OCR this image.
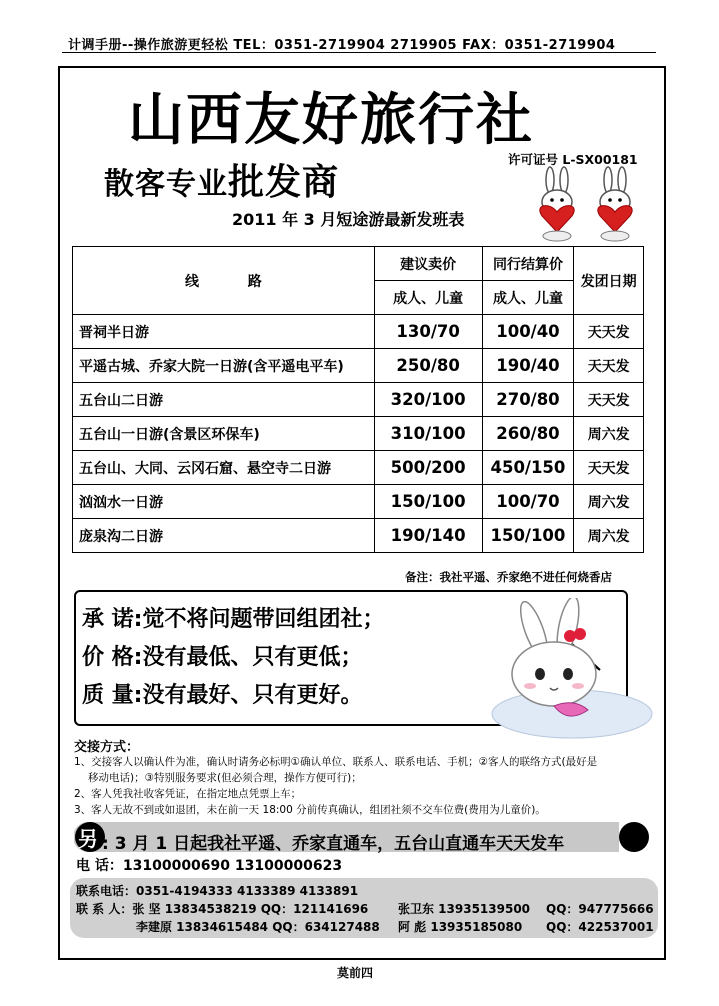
计调手册--操作旅游更轻松 TEL：0351-2719904 2719905 FAX：0351-2719904
山西友好旅行社
散客专业批发商
许可证号 L-SX00181
2011 年 3 月短途游最新发班表
线          路	建议卖价	同行结算价	发团日期
	成人、儿童	成人、儿童	
晋祠半日游	130/70	100/40	天天发
平遥古城、乔家大院一日游(含平遥电平车)	250/80	190/40	天天发
五台山二日游	320/100	270/80	天天发
五台山一日游(含景区环保车)	310/100	260/80	周六发
五台山、大同、云冈石窟、悬空寺二日游	500/200	450/150	天天发
汹汹水一日游	150/100	100/70	周六发
庞泉沟二日游	190/140	150/100	周六发
备注：我社平遥、乔家绝不进任何烧香店
承 诺:觉不将问题带回组团社；
价 格:没有最低、只有更低；
质 量:没有最好、只有更好。
交接方式：
1、交接客人以确认件为准，确认时请务必标明①确认单位、联系人、联系电话、手机；②客人的联络方式(最好是
移动电话)；③特别服务要求(但必须合理，操作方便可行)；
2、客人凭我社收客凭证，在指定地点凭票上车；
3、客人无故不到或如退团，未在前一天 18:00 分前传真确认，组团社须不交车位费(费用为儿童价)。
另 : 3 月 1 日起我社平遥、乔家直通车，五台山直通车天天发车
电 话：13100000690 13100000623
联系电话：0351-4194333 4133389 4133891
联 系 人：张 坚 13834538219 QQ：121141696 张卫东 13935139500 QQ：947775666
李建原 13834615484 QQ：634127488 阿 彪 13935185080 QQ：422537001
莫前四
